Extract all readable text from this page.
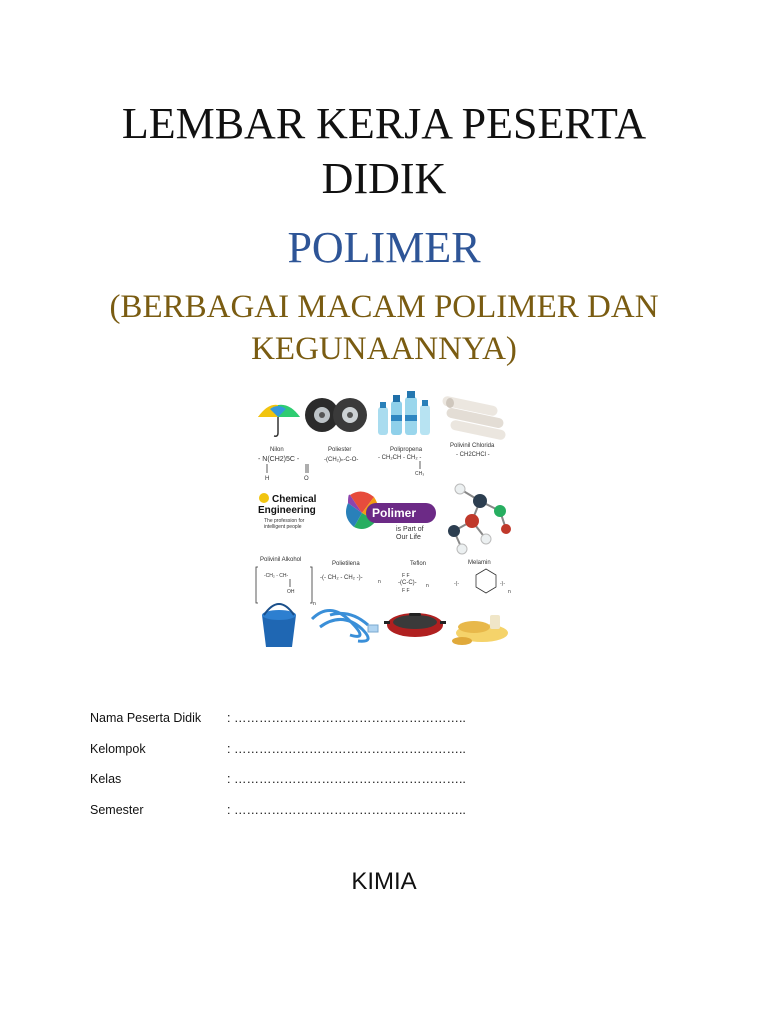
LEMBAR KERJA PESERTA
DIDIK
POLIMER
(BERBAGAI MACAM POLIMER DAN
KEGUNAANNYA)
Nilon
- N(CH2)5C -
H	O
Poliester
-(CH₂)ₙ-C-O-
Polipropena
- CH₂CH - CH₂ -
CH₃
Polivinil Chlorida
- CH2CHCl -
Chemical
Engineering
The profession for
intelligent people
Polimer
is Part of
Our Life
Polivinil Alkohol
-CH₂ - CH-
OH
n
Polietilena
-(- CH₂ - CH₂ -)-
n
Teflon
F F
-(C-C)-
F F
n
Melamin
-(-	-)-
n
Nama Peserta Didik : ………………………………………………..
Kelompok	: ………………………………………………..
Kelas	: ………………………………………………..
Semester	: ………………………………………………..
KIMIA
